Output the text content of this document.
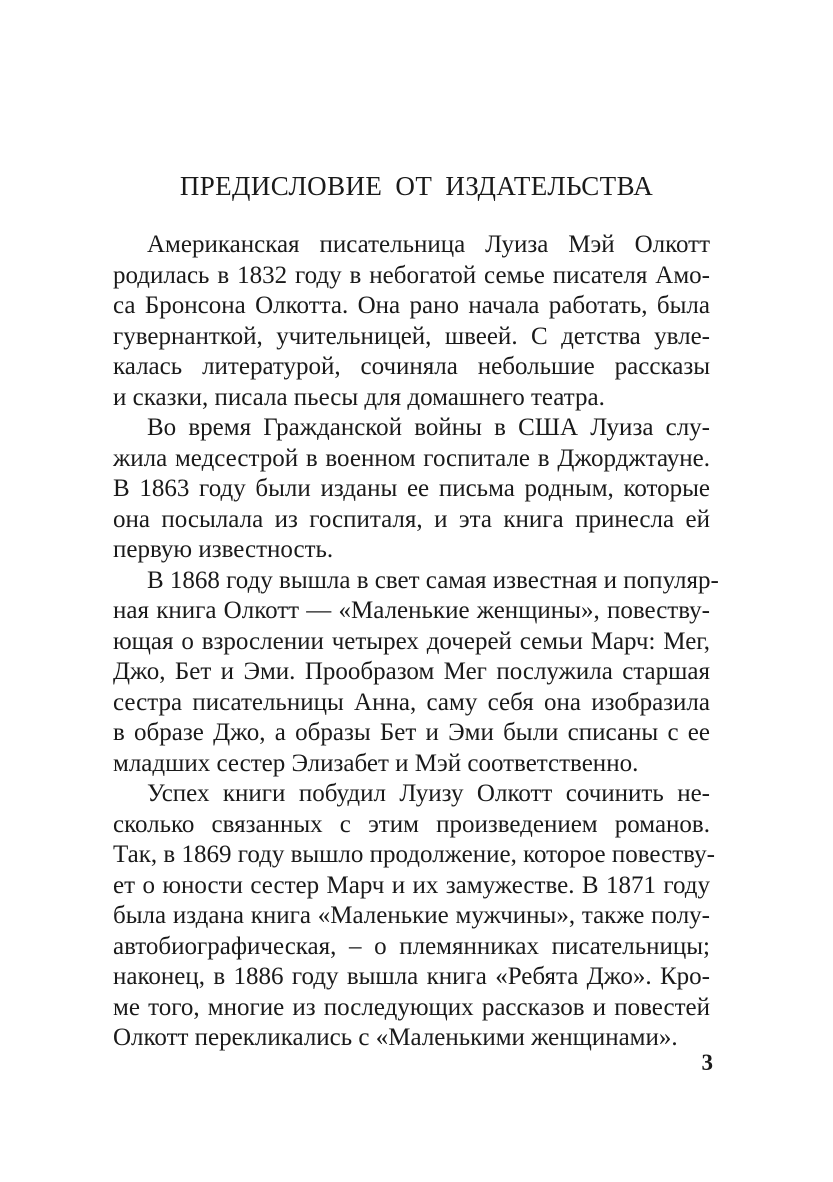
ПРЕДИСЛОВИЕ ОТ ИЗДАТЕЛЬСТВА
Американская писательница Луиза Мэй Олкотт
родилась в 1832 году в небогатой семье писателя Амо-
са Бронсона Олкотта. Она рано начала работать, была
гувернанткой, учительницей, швеей. С детства увле-
калась литературой, сочиняла небольшие рассказы
и сказки, писала пьесы для домашнего театра.
Во время Гражданской войны в США Луиза слу-
жила медсестрой в военном госпитале в Джорджтауне.
В 1863 году были изданы ее письма родным, которые
она посылала из госпиталя, и эта книга принесла ей
первую известность.
В 1868 году вышла в свет самая известная и популяр-
ная книга Олкотт — «Маленькие женщины», повеству-
ющая о взрослении четырех дочерей семьи Марч: Мег,
Джо, Бет и Эми. Прообразом Мег послужила старшая
сестра писательницы Анна, саму себя она изобразила
в образе Джо, а образы Бет и Эми были списаны с ее
младших сестер Элизабет и Мэй соответственно.
Успех книги побудил Луизу Олкотт сочинить не-
сколько связанных с этим произведением романов.
Так, в 1869 году вышло продолжение, которое повеству-
ет о юности сестер Марч и их замужестве. В 1871 году
была издана книга «Маленькие мужчины», также полу-
автобиографическая, – о племянниках писательницы;
наконец, в 1886 году вышла книга «Ребята Джо». Кро-
ме того, многие из последующих рассказов и повестей
Олкотт перекликались с «Маленькими женщинами».
3
